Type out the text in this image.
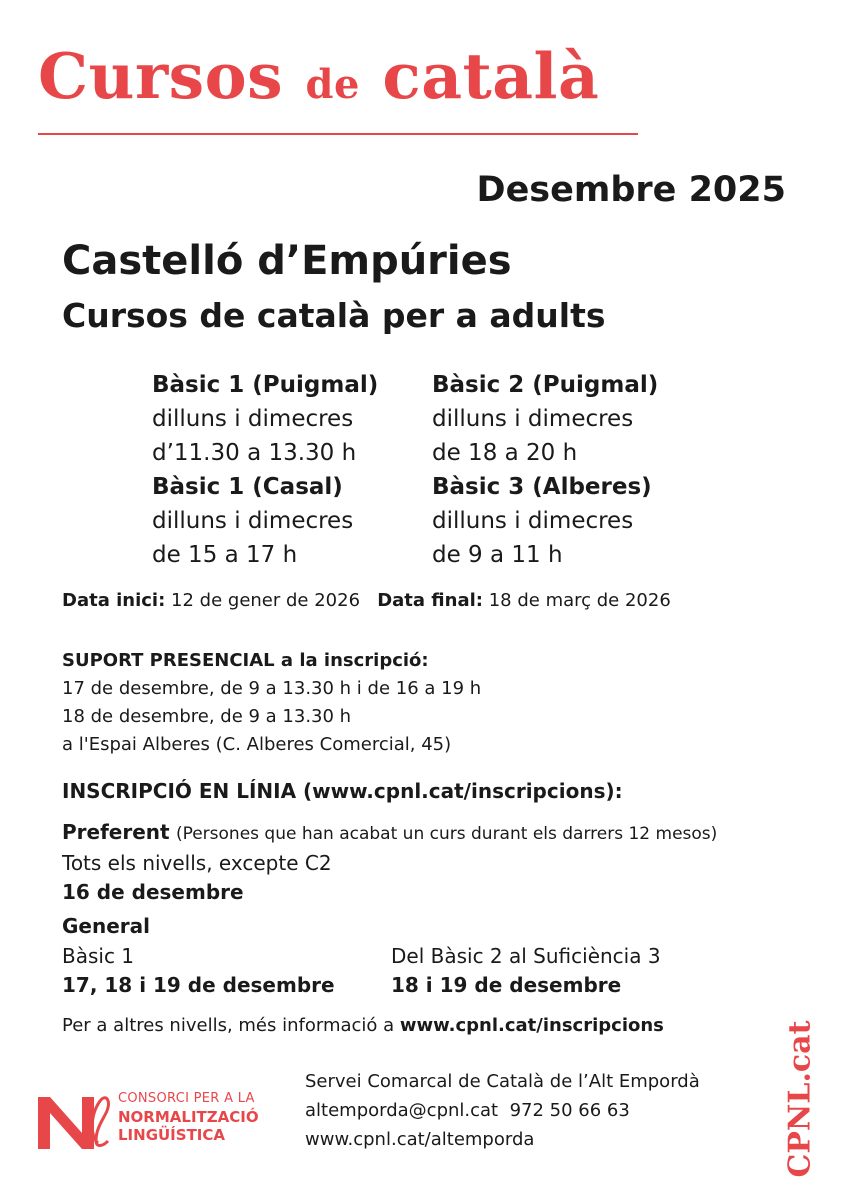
Cursos de català
Desembre 2025
Castelló d’Empúries
Cursos de català per a adults
Bàsic 1 (Puigmal)
dilluns i dimecres
d’11.30 a 13.30 h
Bàsic 2 (Puigmal)
dilluns i dimecres
de 18 a 20 h
Bàsic 1 (Casal)
dilluns i dimecres
de 15 a 17 h
Bàsic 3 (Alberes)
dilluns i dimecres
de 9 a 11 h
Data inici: 12 de gener de 2026 Data final: 18 de març de 2026
SUPORT PRESENCIAL a la inscripció:
17 de desembre, de 9 a 13.30 h i de 16 a 19 h
18 de desembre, de 9 a 13.30 h
a l'Espai Alberes (C. Alberes Comercial, 45)
INSCRIPCIÓ EN LÍNIA (www.cpnl.cat/inscripcions):
Preferent (Persones que han acabat un curs durant els darrers 12 mesos)
Tots els nivells, excepte C2
16 de desembre
General
Bàsic 1
17, 18 i 19 de desembre
Del Bàsic 2 al Suficiència 3
18 i 19 de desembre
Per a altres nivells, més informació a www.cpnl.cat/inscripcions
CONSORCI PER A LA
NORMALITZACIÓ
LINGÜÍSTICA
Servei Comarcal de Català de l’Alt Empordà
altemporda@cpnl.cat 972 50 66 63
www.cpnl.cat/altemporda	CPNL.cat
